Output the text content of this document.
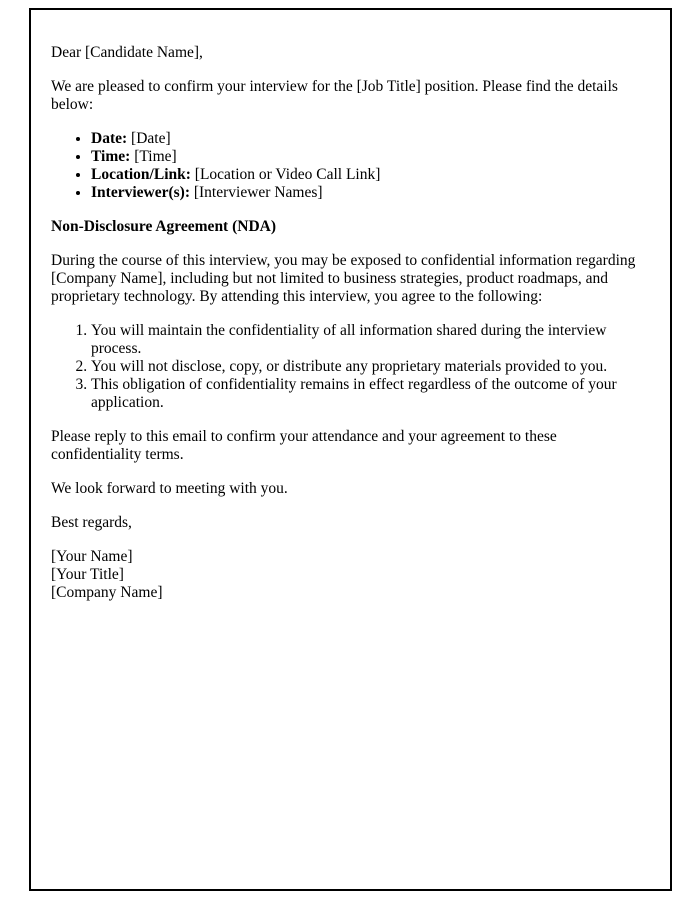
Dear [Candidate Name],

We are pleased to confirm your interview for the [Job Title] position. Please find the details below:

• Date: [Date]
• Time: [Time]
• Location/Link: [Location or Video Call Link]
• Interviewer(s): [Interviewer Names]

Non-Disclosure Agreement (NDA)

During the course of this interview, you may be exposed to confidential information regarding [Company Name], including but not limited to business strategies, product roadmaps, and proprietary technology. By attending this interview, you agree to the following:

1. You will maintain the confidentiality of all information shared during the interview process.
2. You will not disclose, copy, or distribute any proprietary materials provided to you.
3. This obligation of confidentiality remains in effect regardless of the outcome of your application.

Please reply to this email to confirm your attendance and your agreement to these confidentiality terms.

We look forward to meeting with you.

Best regards,

[Your Name]
[Your Title]
[Company Name]
